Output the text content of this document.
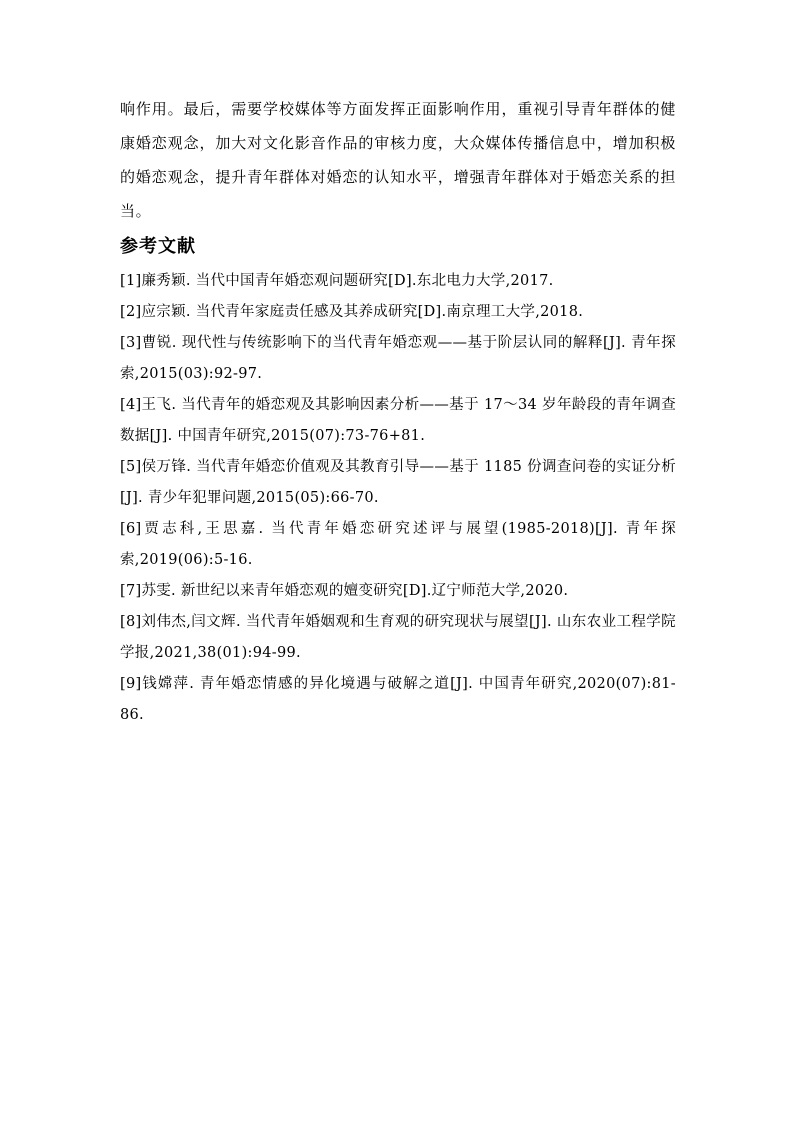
响作用。最后，需要学校媒体等方面发挥正面影响作用，重视引导青年群体的健康婚恋观念，加大对文化影音作品的审核力度，大众媒体传播信息中，增加积极的婚恋观念，提升青年群体对婚恋的认知水平，增强青年群体对于婚恋关系的担当。

参考文献

[1]廉秀颖. 当代中国青年婚恋观问题研究[D].东北电力大学,2017.

[2]应宗颖. 当代青年家庭责任感及其养成研究[D].南京理工大学,2018.

[3]曹锐. 现代性与传统影响下的当代青年婚恋观——基于阶层认同的解释[J]. 青年探索,2015(03):92-97.

[4]王飞. 当代青年的婚恋观及其影响因素分析——基于 17～34 岁年龄段的青年调查数据[J]. 中国青年研究,2015(07):73-76+81.

[5]侯万锋. 当代青年婚恋价值观及其教育引导——基于 1185 份调查问卷的实证分析[J]. 青少年犯罪问题,2015(05):66-70.

[6]贾志科,王思嘉. 当代青年婚恋研究述评与展望(1985-2018)[J]. 青年探索,2019(06):5-16.

[7]苏雯. 新世纪以来青年婚恋观的嬗变研究[D].辽宁师范大学,2020.

[8]刘伟杰,闫文辉. 当代青年婚姻观和生育观的研究现状与展望[J]. 山东农业工程学院学报,2021,38(01):94-99.

[9]钱嫦萍. 青年婚恋情感的异化境遇与破解之道[J]. 中国青年研究,2020(07):81-86.
